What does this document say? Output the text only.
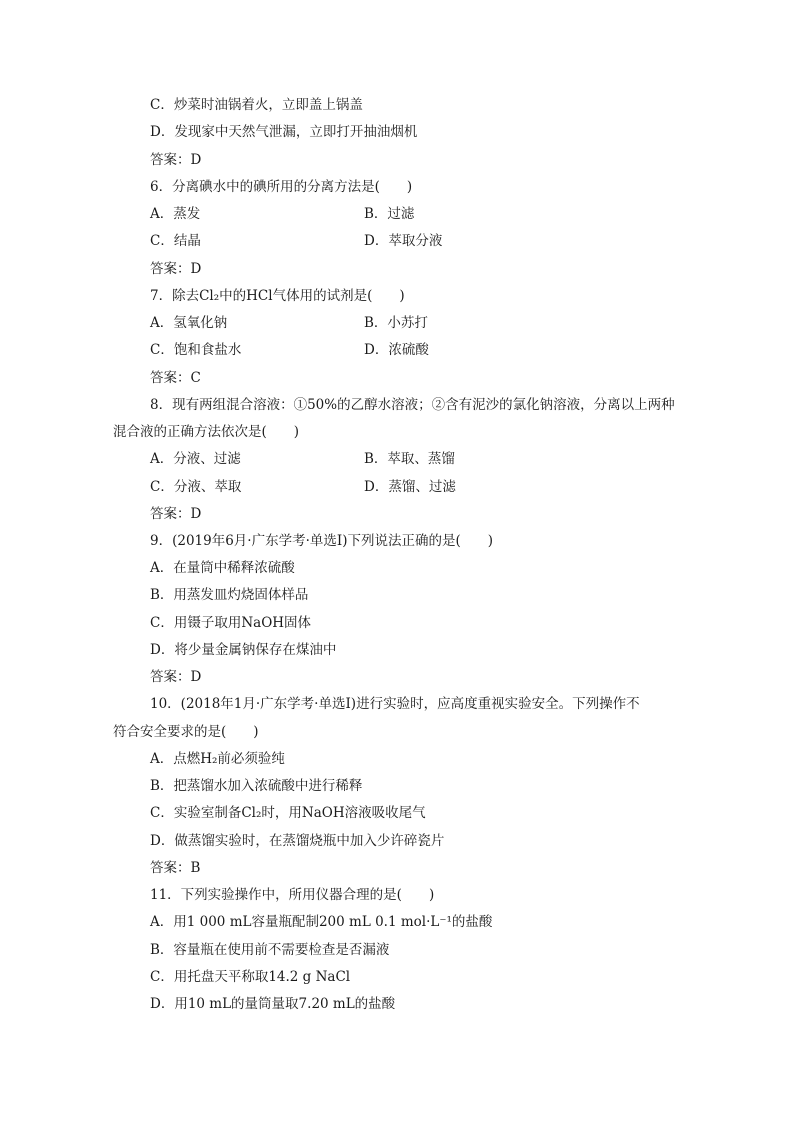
C．炒菜时油锅着火，立即盖上锅盖
D．发现家中天然气泄漏，立即打开抽油烟机
答案：D
6．分离碘水中的碘所用的分离方法是(　　)
A．蒸发	B．过滤
C．结晶	D．萃取分液
答案：D
7．除去Cl₂中的HCl气体用的试剂是(　　)
A．氢氧化钠	B．小苏打
C．饱和食盐水	D．浓硫酸
答案：C
8．现有两组混合溶液：①50%的乙醇水溶液；②含有泥沙的氯化钠溶液，分离以上两种
混合液的正确方法依次是(　　)
A．分液、过滤	B．萃取、蒸馏
C．分液、萃取	D．蒸馏、过滤
答案：D
9．(2019年6月·广东学考·单选Ⅰ)下列说法正确的是(　　)
A．在量筒中稀释浓硫酸
B．用蒸发皿灼烧固体样品
C．用镊子取用NaOH固体
D．将少量金属钠保存在煤油中
答案：D
10．(2018年1月·广东学考·单选Ⅰ)进行实验时，应高度重视实验安全。下列操作不
符合安全要求的是(　　)
A．点燃H₂前必须验纯
B．把蒸馏水加入浓硫酸中进行稀释
C．实验室制备Cl₂时，用NaOH溶液吸收尾气
D．做蒸馏实验时，在蒸馏烧瓶中加入少许碎瓷片
答案：B
11．下列实验操作中，所用仪器合理的是(　　)
A．用1 000 mL容量瓶配制200 mL 0.1 mol·L⁻¹的盐酸
B．容量瓶在使用前不需要检查是否漏液
C．用托盘天平称取14.2 g NaCl
D．用10 mL的量筒量取7.20 mL的盐酸
